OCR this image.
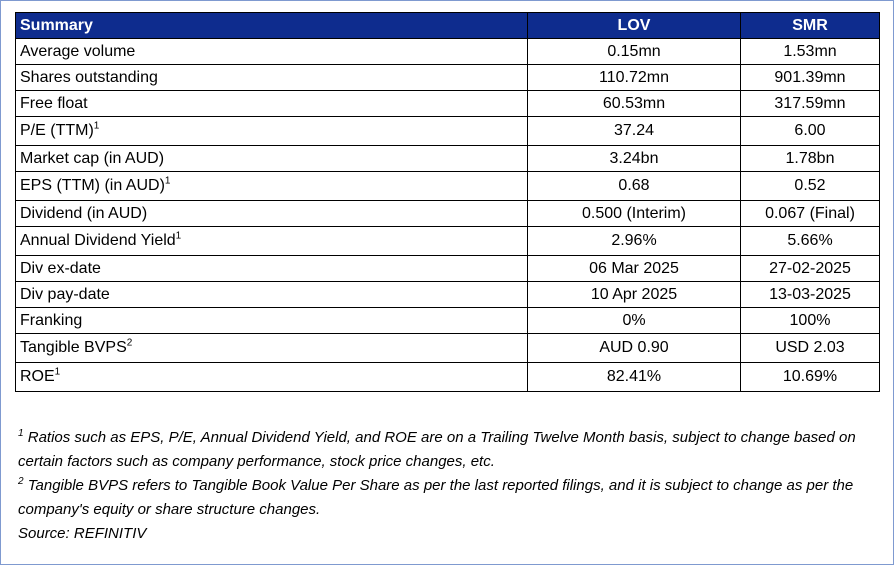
Summary	LOV	SMR
Average volume	0.15mn	1.53mn
Shares outstanding	110.72mn	901.39mn
Free float	60.53mn	317.59mn
P/E (TTM)$^1$	37.24	6.00
Market cap (in AUD)	3.24bn	1.78bn
EPS (TTM) (in AUD)$^1$	0.68	0.52
Dividend (in AUD)	0.500 (Interim)	0.067 (Final)
Annual Dividend Yield$^1$	2.96%	5.66%
Div ex-date	06 Mar 2025	27-02-2025
Div pay-date	10 Apr 2025	13-03-2025
Franking	0%	100%
Tangible BVPS$^2$	AUD 0.90	USD 2.03
ROE$^1$	82.41%	10.69%

$^1$ Ratios such as EPS, P/E, Annual Dividend Yield, and ROE are on a Trailing Twelve Month basis, subject to change based on certain factors such as company performance, stock price changes, etc.

$^2$ Tangible BVPS refers to Tangible Book Value Per Share as per the last reported filings, and it is subject to change as per the company's equity or share structure changes.

Source: REFINITIV
